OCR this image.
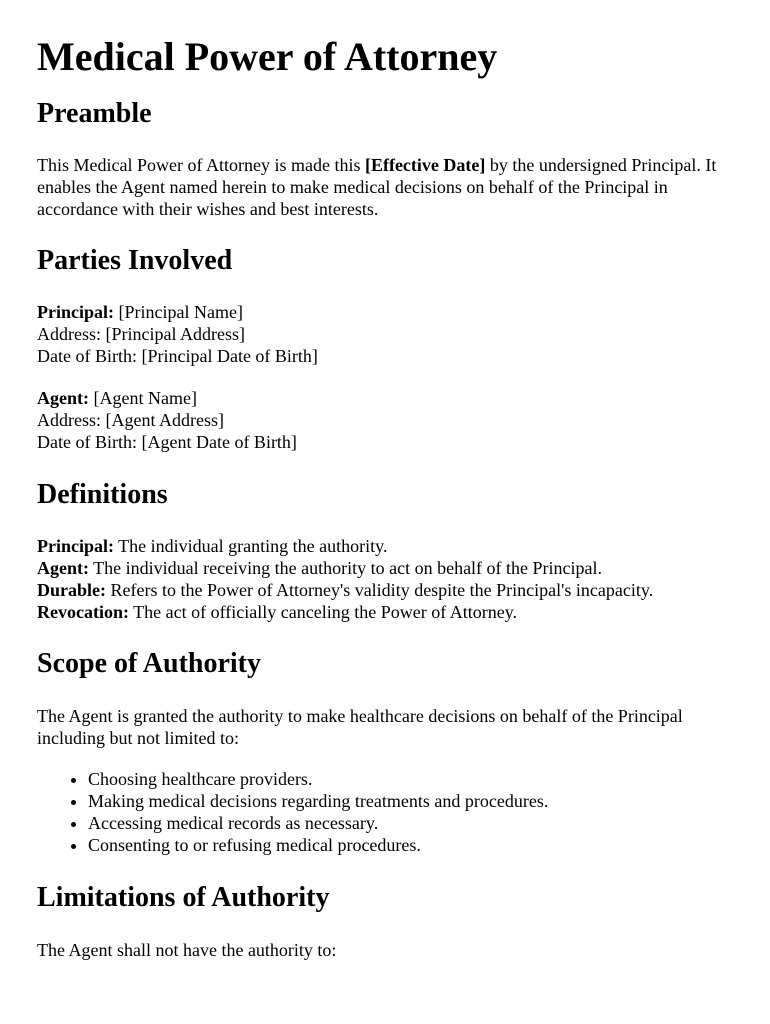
Medical Power of Attorney
Preamble

This Medical Power of Attorney is made this [Effective Date] by the undersigned Principal. It enables the Agent named herein to make medical decisions on behalf of the Principal in accordance with their wishes and best interests.

Parties Involved

Principal: [Principal Name]
Address: [Principal Address]
Date of Birth: [Principal Date of Birth]

Agent: [Agent Name]
Address: [Agent Address]
Date of Birth: [Agent Date of Birth]

Definitions

Principal: The individual granting the authority.
Agent: The individual receiving the authority to act on behalf of the Principal.
Durable: Refers to the Power of Attorney's validity despite the Principal's incapacity.
Revocation: The act of officially canceling the Power of Attorney.

Scope of Authority

The Agent is granted the authority to make healthcare decisions on behalf of the Principal including but not limited to:

• Choosing healthcare providers.
• Making medical decisions regarding treatments and procedures.
• Accessing medical records as necessary.
• Consenting to or refusing medical procedures.
Limitations of Authority

The Agent shall not have the authority to:
